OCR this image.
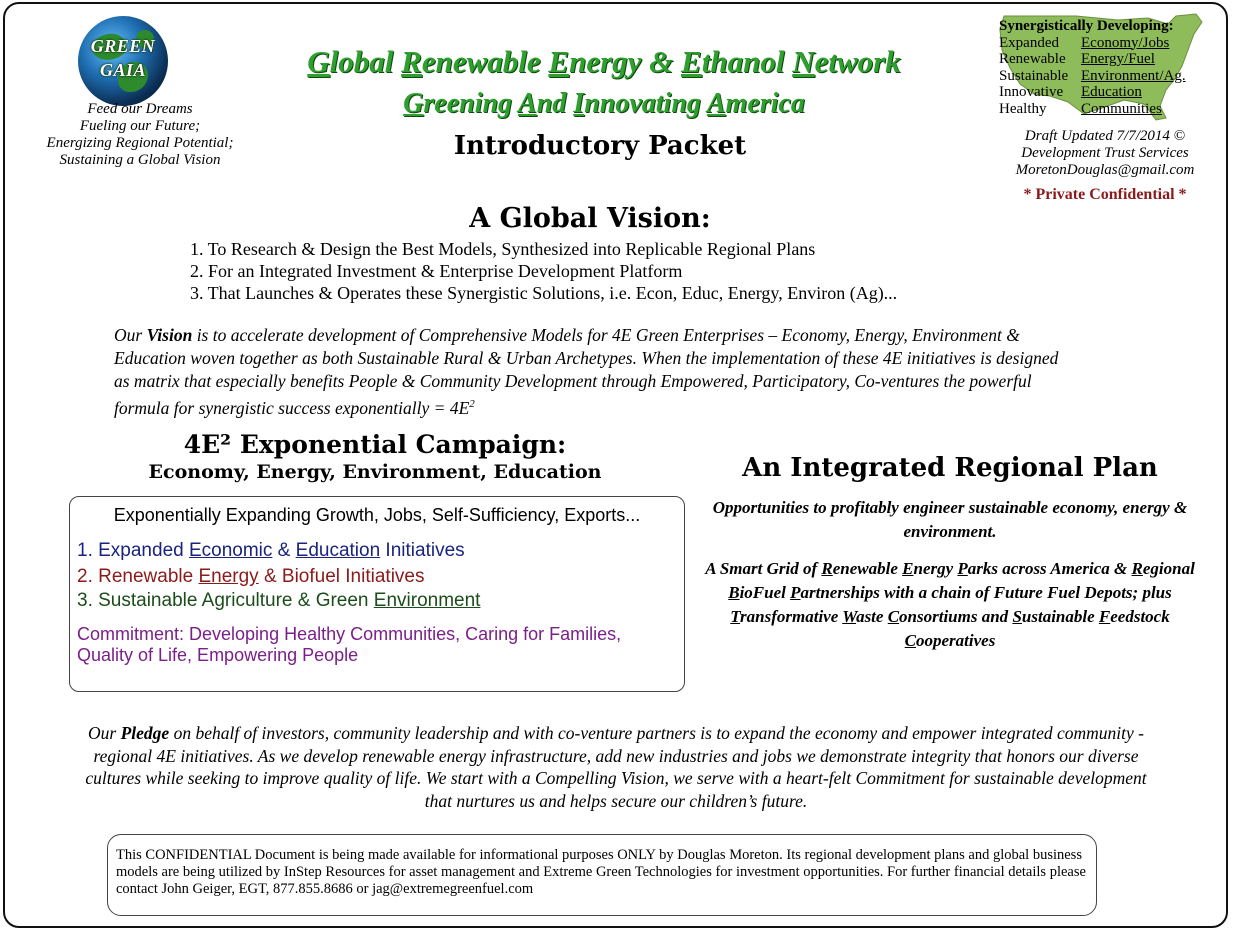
GREEN
GAIA
Feed our Dreams
Fueling our Future;
Energizing Regional Potential;
Sustaining a Global Vision
Global Renewable Energy & Ethanol Network
Greening And Innovating America
Introductory Packet
Synergistically Developing:
Expanded Economy/Jobs
Renewable Energy/Fuel
Sustainable Environment/Ag.
Innovative Education
Healthy Communities
Draft Updated 7/7/2014 ©
Development Trust Services
MoretonDouglas@gmail.com
* Private Confidential *
A Global Vision:
1. To Research & Design the Best Models, Synthesized into Replicable Regional Plans
2. For an Integrated Investment & Enterprise Development Platform
3. That Launches & Operates these Synergistic Solutions, i.e. Econ, Educ, Energy, Environ (Ag)...
Our Vision is to accelerate development of Comprehensive Models for 4E Green Enterprises – Economy, Energy, Environment & Education woven together as both Sustainable Rural & Urban Archetypes. When the implementation of these 4E initiatives is designed as matrix that especially benefits People & Community Development through Empowered, Participatory, Co-ventures the powerful formula for synergistic success exponentially = $4E^2$
4E² Exponential Campaign:
Economy, Energy, Environment, Education
Exponentially Expanding Growth, Jobs, Self-Sufficiency, Exports...
1. Expanded Economic & Education Initiatives
2. Renewable Energy & Biofuel Initiatives
3. Sustainable Agriculture & Green Environment
Commitment: Developing Healthy Communities, Caring for Families, Quality of Life, Empowering People
An Integrated Regional Plan
Opportunities to profitably engineer sustainable economy, energy & environment.
A Smart Grid of Renewable Energy Parks across America & Regional BioFuel Partnerships with a chain of Future Fuel Depots; plus Transformative Waste Consortiums and Sustainable Feedstock Cooperatives
Our Pledge on behalf of investors, community leadership and with co-venture partners is to expand the economy and empower integrated community - regional 4E initiatives. As we develop renewable energy infrastructure, add new industries and jobs we demonstrate integrity that honors our diverse cultures while seeking to improve quality of life. We start with a Compelling Vision, we serve with a heart-felt Commitment for sustainable development that nurtures us and helps secure our children’s future.
This CONFIDENTIAL Document is being made available for informational purposes ONLY by Douglas Moreton. Its regional development plans and global business models are being utilized by InStep Resources for asset management and Extreme Green Technologies for investment opportunities. For further financial details please contact John Geiger, EGT, 877.855.8686 or jag@extremegreenfuel.com
